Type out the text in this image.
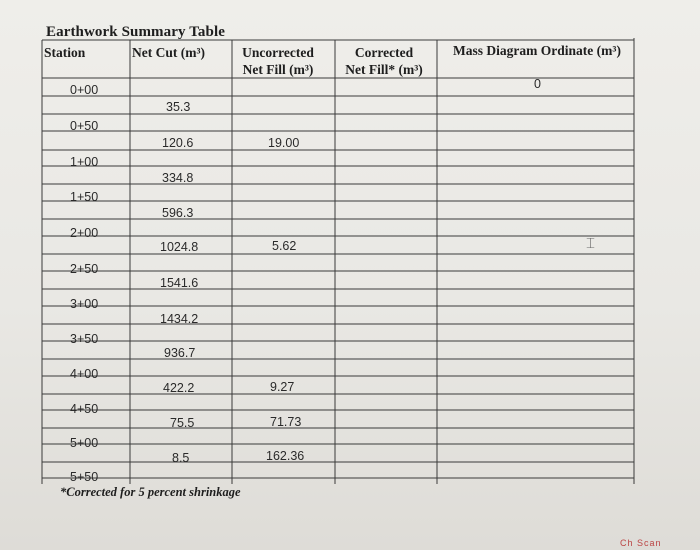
Earthwork Summary Table
Station	Net Cut (m³)	Uncorrected
Net Fill (m³)
Corrected
Net Fill* (m³)
Mass Diagram Ordinate (m³)
0+00
0+50
1+00
1+50
2+00
2+50
3+00
3+50
4+00
4+50
5+00
5+50
35.3
120.6
334.8
596.3
1024.8
1541.6
1434.2
936.7
422.2
75.5
8.5
19.00
5.62
9.27
71.73
162.36
0
*Corrected for 5 percent shrinkage
⌶
Ch Scan
